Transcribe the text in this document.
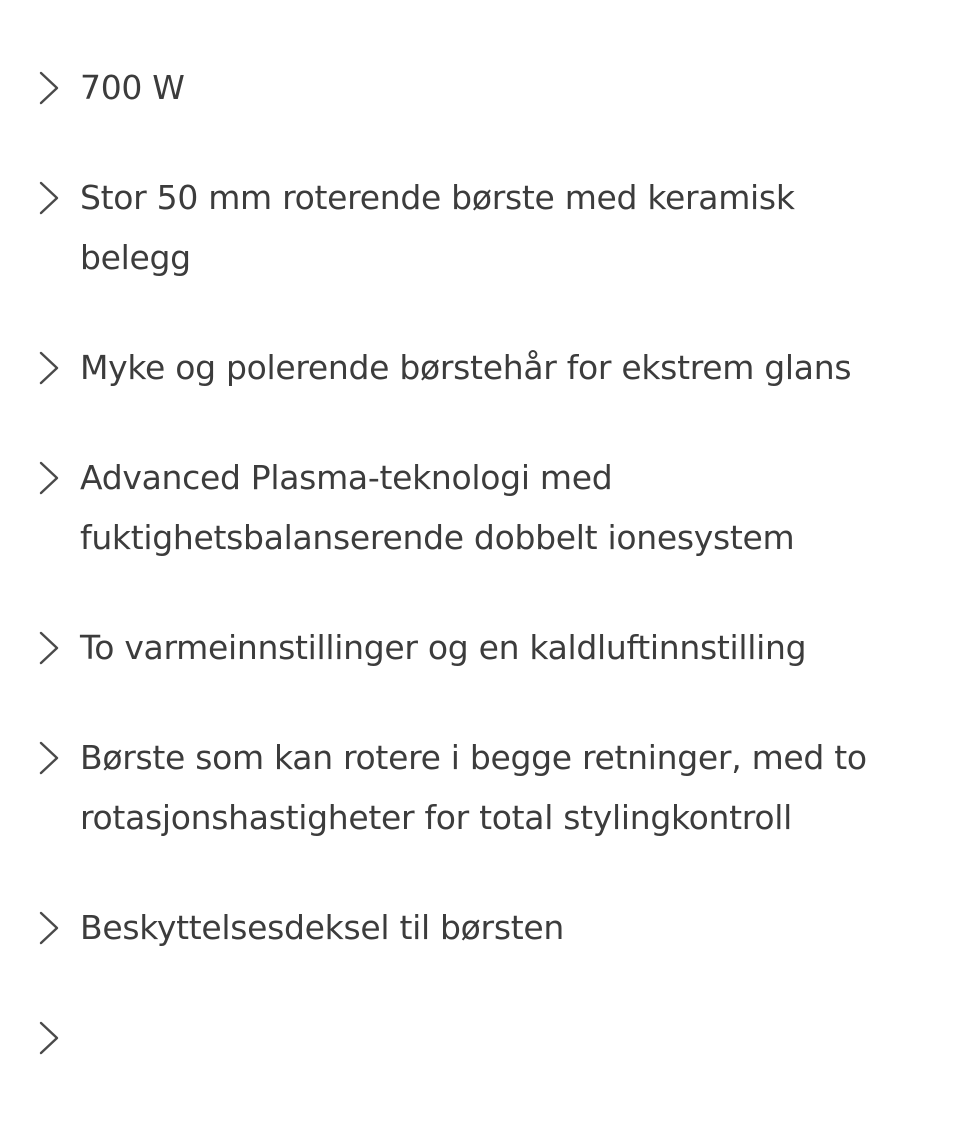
700 W
Stor 50 mm roterende børste med keramisk belegg
Myke og polerende børstehår for ekstrem glans
Advanced Plasma-teknologi med fuktighetsbalanserende dobbelt ionesystem
To varmeinnstillinger og en kaldluftinnstilling
Børste som kan rotere i begge retninger, med to rotasjonshastigheter for total stylingkontroll
Beskyttelsesdeksel til børsten
